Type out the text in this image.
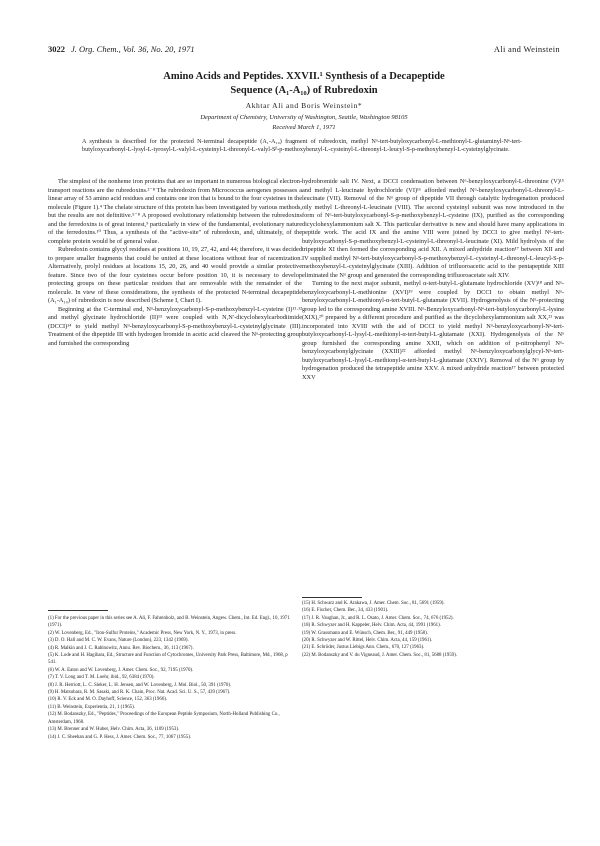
3022 J. Org. Chem., Vol. 36, No. 20, 1971	Ali and Weinstein
Amino Acids and Peptides. XXVII.¹ Synthesis of a Decapeptide
Sequence (A₁-A₁₀) of Rubredoxin
Akhtar Ali and Boris Weinstein*
Department of Chemistry, University of Washington, Seattle, Washington 98105
Received March 1, 1971
A synthesis is described for the protected N-terminal decapeptide (A₁-A₁₀) fragment of rubredoxin, methyl Nᵅ-tert-butyloxycarbonyl-L-methionyl-L-glutaminyl-Nᵉ-tert-butyloxycarbonyl-L-lysyl-L-tyrosyl-L-valyl-L-cysteinyl-L-threonyl-L-valyl-Sᵝ-p-methoxybenzyl-L-cysteinyl-L-threonyl-L-leucyl-S-p-methoxybenzyl-L-cysteinylglycinate.

The simplest of the nonheme iron proteins that are so important in numerous biological electron-transport reactions are the rubredoxins.²⁻⁸ The rubredoxin from Micrococcus aerogenes possesses a linear array of 53 amino acid residues and contains one iron that is bound to the four cysteines in the molecule (Figure 1).⁴ The chelate structure of this protein has been investigated by various methods, but the results are not definitive.⁵⁻⁸ A proposed evolutionary relationship between the rubredoxins and the ferredoxins is of great interest,⁹ particularly in view of the fundamental, evolutionary nature of the ferredoxins.¹⁰ Thus, a synthesis of the "active-site" of rubredoxin, and, ultimately, of the complete protein would be of general value.

Rubredoxin contains glycyl residues at positions 10, 19, 27, 42, and 44; therefore, it was decided to prepare smaller fragments that could be united at these locations without fear of racemization. Alternatively, prolyl residues at locations 15, 20, 26, and 40 would provide a similar protective feature. Since two of the four cysteines occur before position 10, it is necessary to develop protecting groups on these particular residues that are removable with the remainder of the molecule. In view of these considerations, the synthesis of the protected N-terminal decapeptide (A₁-A₁₀) of rubredoxin is now described (Scheme I, Chart I).

Beginning at the C-terminal end, Nᵅ-benzyloxycarbonyl-S-p-methoxybenzyl-L-cysteine (I)¹¹·¹² and methyl glycinate hydrochloride (II)¹³ were coupled with N,N′-dicyclohexylcarbodiimide (DCCI)¹⁴ to yield methyl Nᵅ-benzyloxycarbonyl-S-p-methoxybenzyl-L-cysteinylglycinate (III). Treatment of the dipeptide III with hydrogen bromide in acetic acid cleaved the Nᵅ-protecting group and furnished the corresponding

hydrobromide salt IV. Next, a DCCI condensation between Nᵅ-benzyloxycarbonyl-L-threonine (V)¹⁵ and methyl L-leucinate hydrochloride (VI)¹⁶ afforded methyl Nᵅ-benzyloxycarbonyl-L-threonyl-L-leucinate (VII). Removal of the Nᵅ group of dipeptide VII through catalytic hydrogenation produced oily methyl L-threonyl-L-leucinate (VIII). The second cysteinyl subunit was now introduced in the form of Nᵅ-tert-butyloxycarbonyl-S-p-methoxybenzyl-L-cysteine (IX), purified as the corresponding dicyclohexylammonium salt X. This particular derivative is new and should have many applications in peptide work. The acid IX and the amine VIII were joined by DCCI to give methyl Nᵅ-tert-butyloxycarbonyl-S-p-methoxybenzyl-L-cysteinyl-L-threonyl-L-leucinate (XI). Mild hydrolysis of the tripeptide XI then formed the corresponding acid XII. A mixed anhydride reaction¹⁷ between XII and IV supplied methyl Nᵅ-tert-butyloxycarbonyl-S-p-methoxybenzyl-L-cysteinyl-L-threonyl-L-leucyl-S-p-methoxybenzyl-L-cysteinylglycinate (XIII). Addition of trifluoroacetic acid to the pentapeptide XIII eliminated the Nᵅ group and generated the corresponding trifluoroacetate salt XIV.

Turning to the next major subunit, methyl α-tert-butyl-L-glutamate hydrochloride (XV)¹⁸ and Nᵅ-benzyloxycarbonyl-L-methionine (XVI)¹⁹ were coupled by DCCI to obtain methyl Nᵅ-benzyloxycarbonyl-L-methionyl-α-tert-butyl-L-glutamate (XVII). Hydrogenolysis of the Nᵅ-protecting group led to the corresponding amine XVIII. Nᵅ-Benzyloxycarbonyl-Nᵉ-tert-butyloxycarbonyl-L-lysine (XIX),²⁰ prepared by a different procedure and purified as the dicyclohexylammonium salt XX,²¹ was incorporated into XVIII with the aid of DCCI to yield methyl Nᵅ-benzyloxycarbonyl-Nᵉ-tert-butyloxycarbonyl-L-lysyl-L-methionyl-α-tert-butyl-L-glutamate (XXI). Hydrogenolysis of the Nᵅ group furnished the corresponding amine XXII, which on addition of p-nitrophenyl Nᵅ-benzyloxycarbonylglycinate (XXIII)²² afforded methyl Nᵅ-benzyloxycarbonylglycyl-Nᵉ-tert-butyloxycarbonyl-L-lysyl-L-methionyl-α-tert-butyl-L-glutamate (XXIV). Removal of the Nᵅ group by hydrogenation produced the tetrapeptide amine XXV. A mixed anhydride reaction¹⁷ between protected XXV

(1) For the previous paper in this series see A. Ali, F. Fahrenholz, and B. Weinstein, Angew. Chem., Int. Ed. Engl., 10, 1971 (1971).

(2) W. Lovenberg, Ed., "Iron-Sulfur Proteins," Academic Press, New York, N. Y., 1973, in press.

(3) D. O. Hall and M. C. W. Evans, Nature (London), 223, 1342 (1969).

(4) R. Malkin and J. C. Rabinowitz, Annu. Rev. Biochem., 36, 113 (1967).

(5) K. Lode and H. Hagihara, Ed., Structure and Function of Cytochromes, University Park Press, Baltimore, Md., 1968, p 541.

(6) W. A. Eaton and W. Lovenberg, J. Amer. Chem. Soc., 92, 7195 (1970).

(7) T. V. Long and T. M. Loehr, ibid., 92, 6384 (1970).

(8) J. R. Herriott, L. C. Sieker, L. H. Jensen, and W. Lovenberg, J. Mol. Biol., 50, 391 (1970).

(9) H. Matsubara, R. M. Sasaki, and R. K. Chain, Proc. Nat. Acad. Sci. U. S., 57, 439 (1967).

(10) R. V. Eck and M. O. Dayhoff, Science, 152, 363 (1966).

(11) B. Weinstein, Experientia, 21, 1 (1965).

(12) M. Bodanszky, Ed., "Peptides," Proceedings of the European Peptide Symposium, North-Holland Publishing Co., Amsterdam, 1968.

(13) M. Brenner and W. Huber, Helv. Chim. Acta, 36, 1109 (1953).

(14) J. C. Sheehan and G. P. Hess, J. Amer. Chem. Soc., 77, 1067 (1955).

(15) H. Schwarz and K. Arakawa, J. Amer. Chem. Soc., 81, 5691 (1959).

(16) E. Fischer, Chem. Ber., 34, 433 (1901).

(17) J. R. Vaughan, Jr., and R. L. Osato, J. Amer. Chem. Soc., 74, 676 (1952).

(18) R. Schwyzer and H. Kappeler, Helv. Chim. Acta, 44, 1991 (1961).

(19) W. Grassmann and E. Wünsch, Chem. Ber., 91, 449 (1958).

(20) R. Schwyzer and W. Rittel, Helv. Chim. Acta, 44, 159 (1961).

(21) E. Schröder, Justus Liebigs Ann. Chem., 670, 127 (1963).

(22) M. Bodanszky and V. du Vigneaud, J. Amer. Chem. Soc., 81, 5688 (1959).
